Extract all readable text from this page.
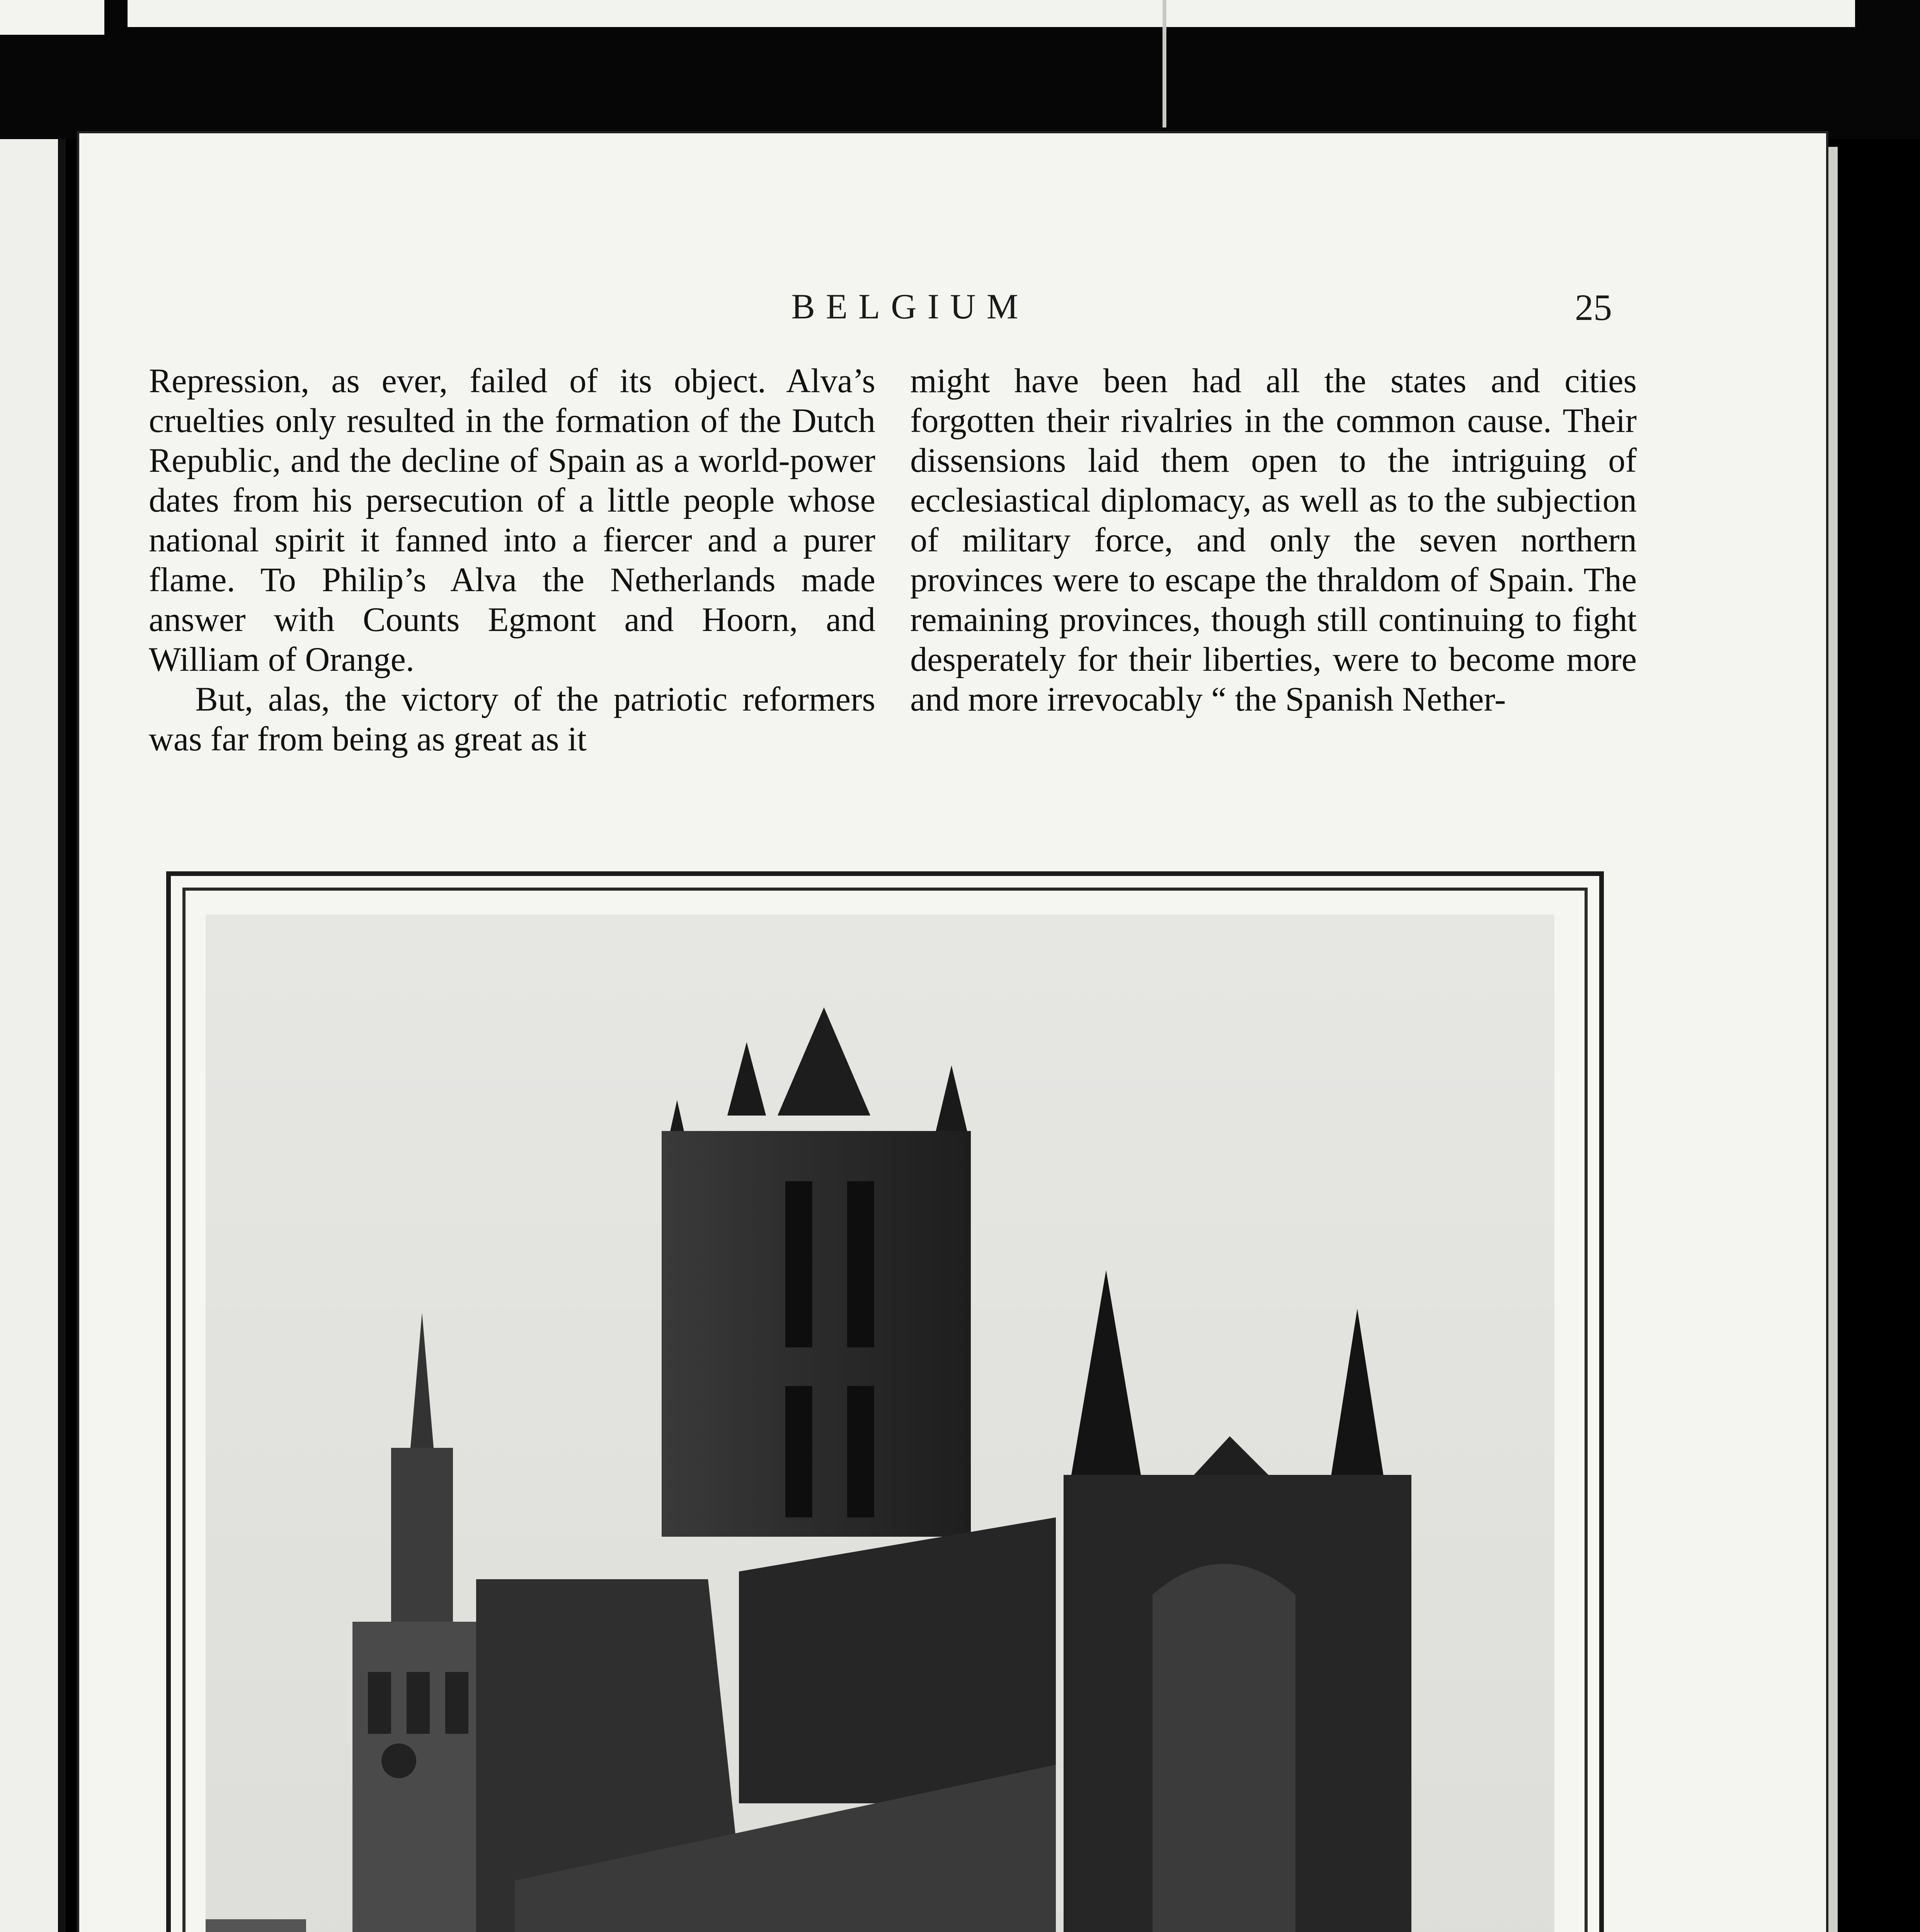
BELGIUM	25

Repression, as ever, failed of its object. Alva’s cruelties only resulted in the formation of the Dutch Republic, and the decline of Spain as a world-power dates from his persecution of a little people whose national spirit it fanned into a fiercer and a purer flame. To Philip’s Alva the Netherlands made answer with Counts Egmont and Hoorn, and William of Orange.

But, alas, the victory of the patriotic reformers was far from being as great as it

might have been had all the states and cities forgotten their rivalries in the common cause. Their dissensions laid them open to the intriguing of ecclesiastical diplomacy, as well as to the subjection of military force, and only the seven northern provinces were to escape the thraldom of Spain. The remaining provinces, though still continuing to fight desperately for their liberties, were to become more and more irrevocably “ the Spanish Nether-
